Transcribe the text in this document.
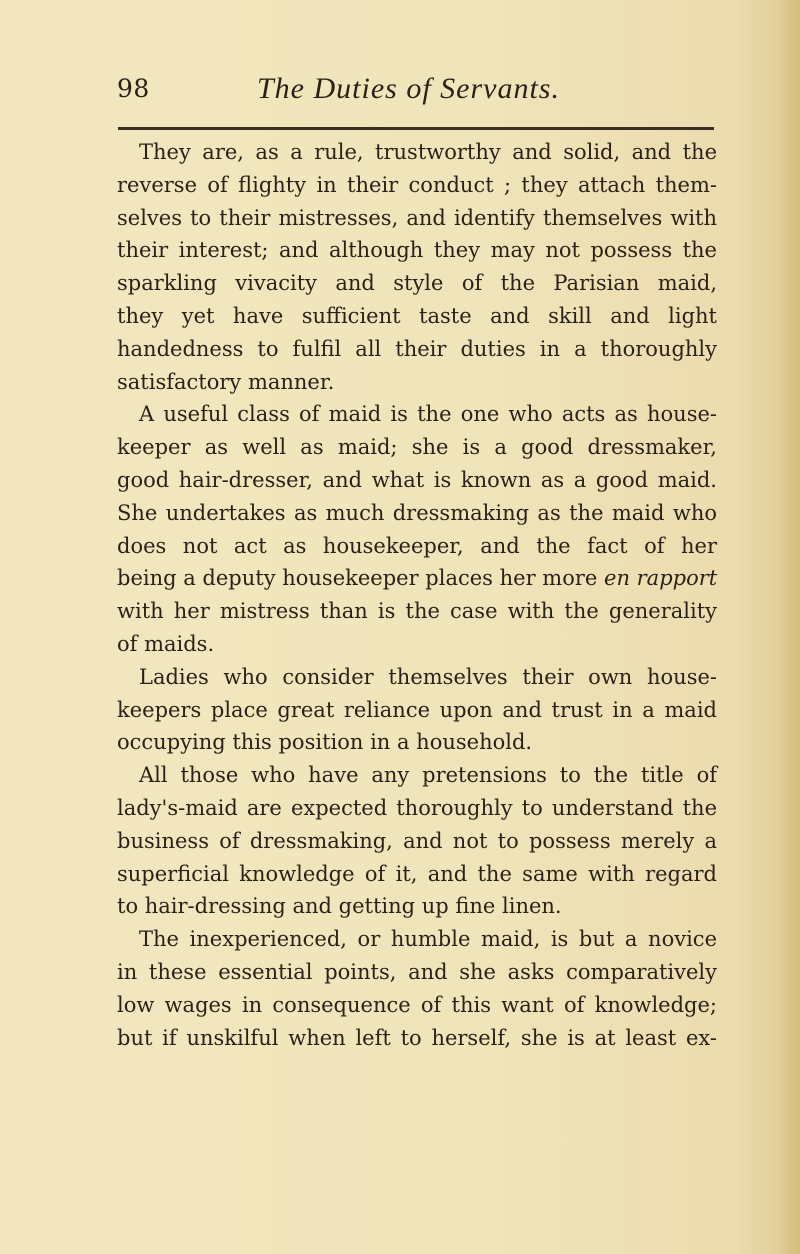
98	The Duties of Servants.
They are, as a rule, trustworthy and solid, and the
reverse of flighty in their conduct ; they attach them-
selves to their mistresses, and identify themselves with
their interest; and although they may not possess the
sparkling vivacity and style of the Parisian maid,
they yet have sufficient taste and skill and light
handedness to fulfil all their duties in a thoroughly
satisfactory manner.
A useful class of maid is the one who acts as house-
keeper as well as maid; she is a good dressmaker,
good hair-dresser, and what is known as a good maid.
She undertakes as much dressmaking as the maid who
does not act as housekeeper, and the fact of her
being a deputy housekeeper places her more en rapport
with her mistress than is the case with the generality
of maids.
Ladies who consider themselves their own house-
keepers place great reliance upon and trust in a maid
occupying this position in a household.
All those who have any pretensions to the title of
lady's-maid are expected thoroughly to understand the
business of dressmaking, and not to possess merely a
superficial knowledge of it, and the same with regard
to hair-dressing and getting up fine linen.
The inexperienced, or humble maid, is but a novice
in these essential points, and she asks comparatively
low wages in consequence of this want of knowledge;
but if unskilful when left to herself, she is at least ex-
